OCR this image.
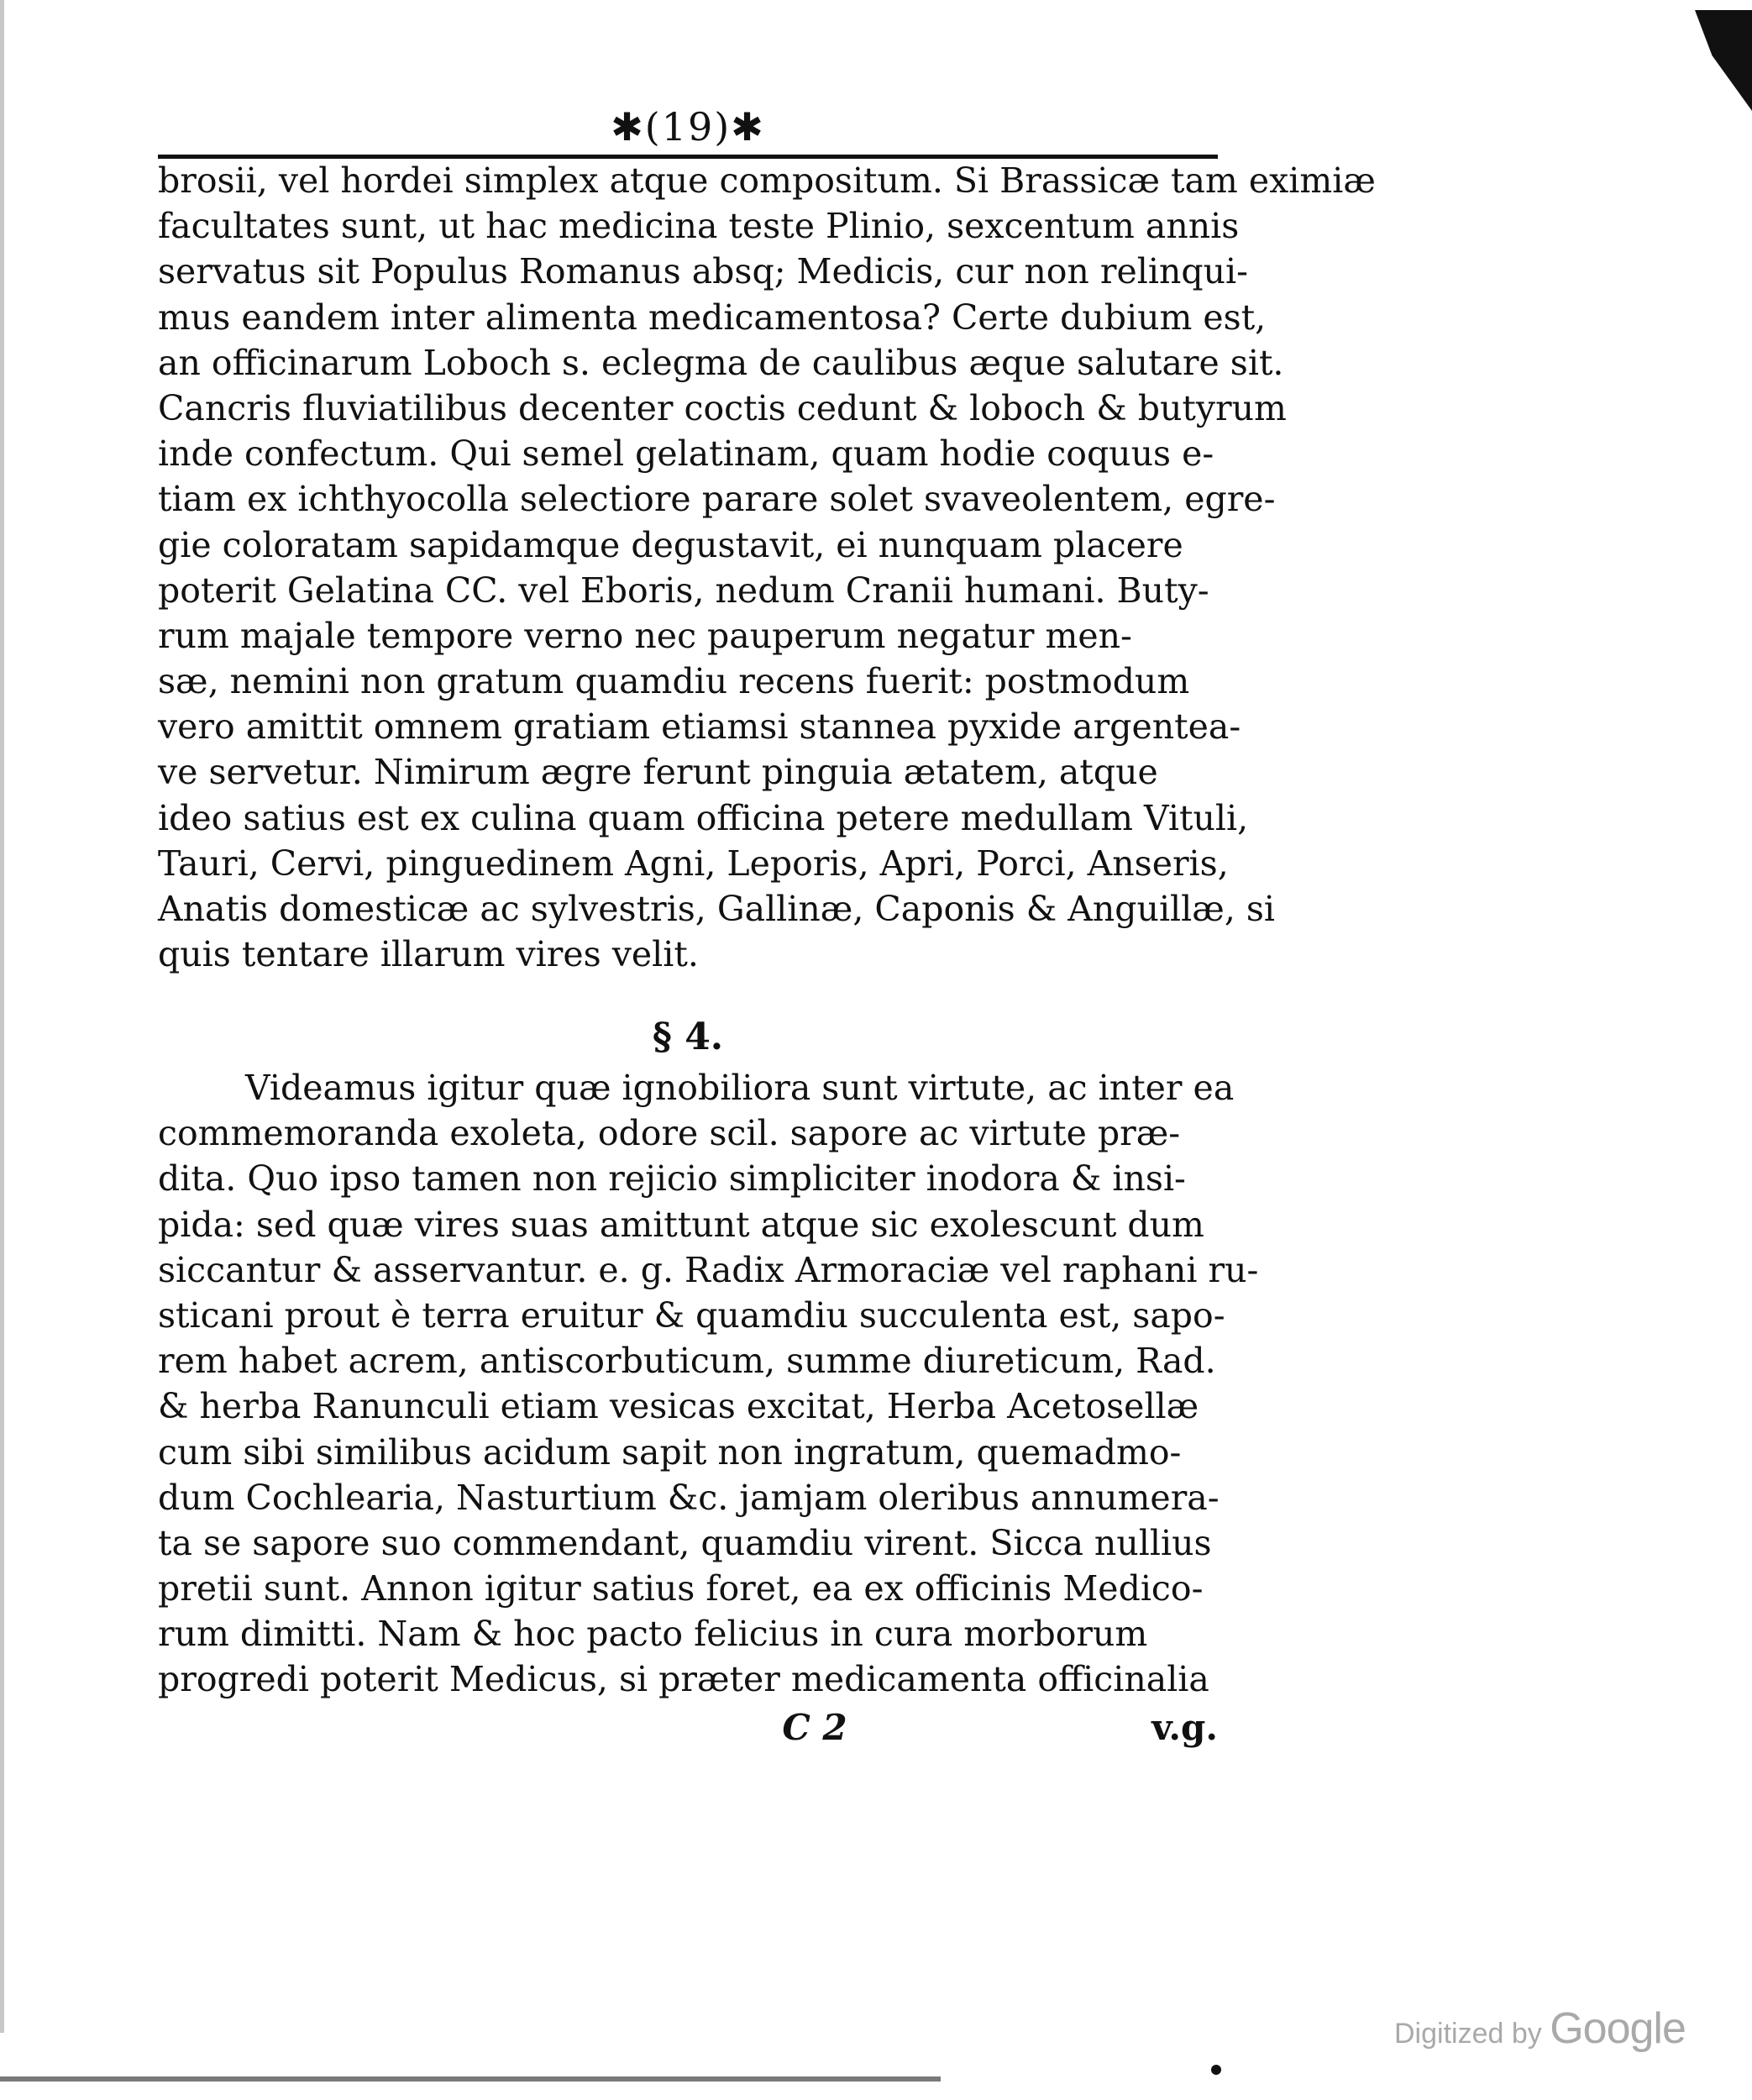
✱(19)✱
brosii, vel hordei simplex atque compositum. Si Brassicæ tam eximiæ
facultates sunt, ut hac medicina teste Plinio, sexcentum annis
servatus sit Populus Romanus absq; Medicis, cur non relinqui-
mus eandem inter alimenta medicamentosa? Certe dubium est,
an officinarum Loboch s. eclegma de caulibus æque salutare sit.
Cancris fluviatilibus decenter coctis cedunt & loboch & butyrum
inde confectum. Qui semel gelatinam, quam hodie coquus e-
tiam ex ichthyocolla selectiore parare solet svaveolentem, egre-
gie coloratam sapidamque degustavit, ei nunquam placere
poterit Gelatina CC. vel Eboris, nedum Cranii humani. Buty-
rum majale tempore verno nec pauperum negatur men-
sæ, nemini non gratum quamdiu recens fuerit: postmodum
vero amittit omnem gratiam etiamsi stannea pyxide argentea-
ve servetur. Nimirum ægre ferunt pinguia ætatem, atque
ideo satius est ex culina quam officina petere medullam Vituli,
Tauri, Cervi, pinguedinem Agni, Leporis, Apri, Porci, Anseris,
Anatis domesticæ ac sylvestris, Gallinæ, Caponis & Anguillæ, si
quis tentare illarum vires velit.
§ 4.
Videamus igitur quæ ignobiliora sunt virtute, ac inter ea
commemoranda exoleta, odore scil. sapore ac virtute præ-
dita. Quo ipso tamen non rejicio simpliciter inodora & insi-
pida: sed quæ vires suas amittunt atque sic exolescunt dum
siccantur & asservantur. e. g. Radix Armoraciæ vel raphani ru-
sticani prout è terra eruitur & quamdiu succulenta est, sapo-
rem habet acrem, antiscorbuticum, summe diureticum, Rad.
& herba Ranunculi etiam vesicas excitat, Herba Acetosellæ
cum sibi similibus acidum sapit non ingratum, quemadmo-
dum Cochlearia, Nasturtium &c. jamjam oleribus annumera-
ta se sapore suo commendant, quamdiu virent. Sicca nullius
pretii sunt. Annon igitur satius foret, ea ex officinis Medico-
rum dimitti. Nam & hoc pacto felicius in cura morborum
progredi poterit Medicus, si præter medicamenta officinalia
C 2	v.g.
Digitized by Google
